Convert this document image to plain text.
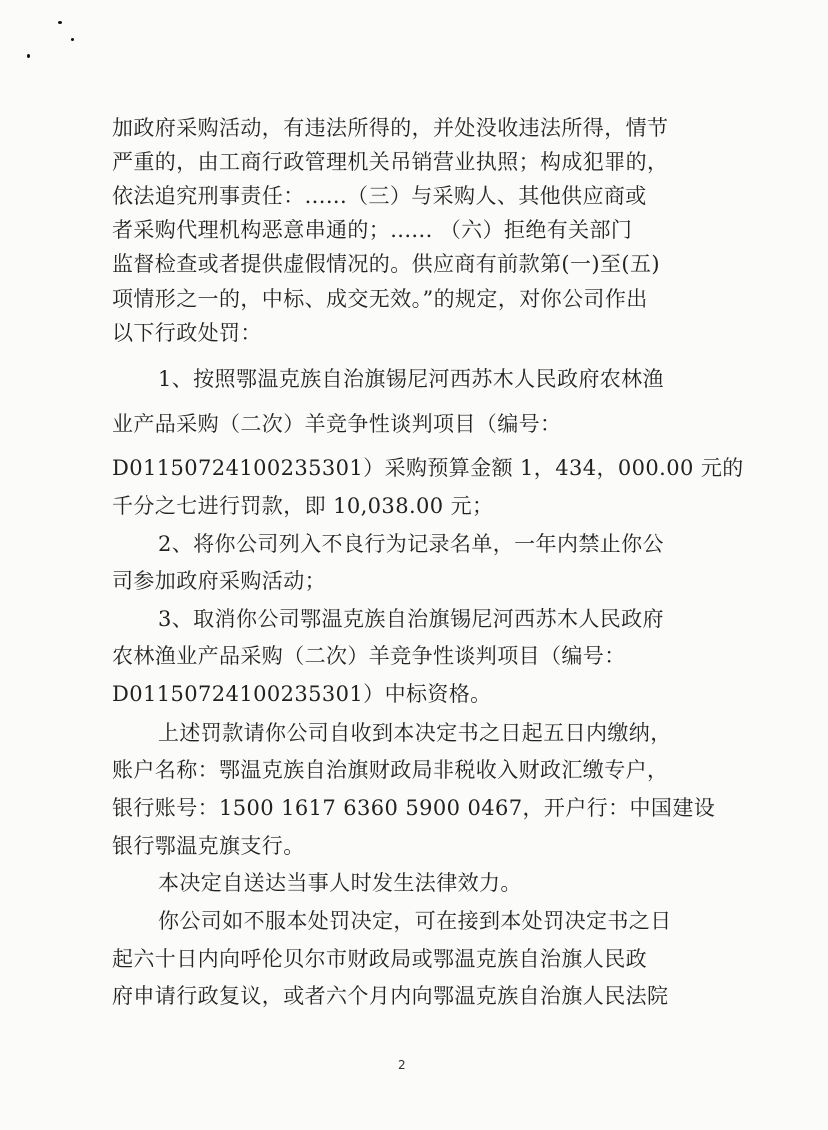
加政府采购活动，有违法所得的，并处没收违法所得，情节
严重的，由工商行政管理机关吊销营业执照；构成犯罪的，
依法追究刑事责任：......（三）与采购人、其他供应商或
者采购代理机构恶意串通的；...... （六）拒绝有关部门
监督检查或者提供虚假情况的。供应商有前款第(一)至(五)
项情形之一的，中标、成交无效。”的规定，对你公司作出
以下行政处罚：
1、按照鄂温克族自治旗锡尼河西苏木人民政府农林渔
业产品采购（二次）羊竞争性谈判项目（编号：
D01150724100235301）采购预算金额 1，434，000.00 元的
千分之七进行罚款，即 10,038.00 元；
2、将你公司列入不良行为记录名单，一年内禁止你公
司参加政府采购活动；
3、取消你公司鄂温克族自治旗锡尼河西苏木人民政府
农林渔业产品采购（二次）羊竞争性谈判项目（编号：
D01150724100235301）中标资格。
上述罚款请你公司自收到本决定书之日起五日内缴纳，
账户名称：鄂温克族自治旗财政局非税收入财政汇缴专户，
银行账号：1500 1617 6360 5900 0467，开户行：中国建设
银行鄂温克旗支行。
本决定自送达当事人时发生法律效力。
你公司如不服本处罚决定，可在接到本处罚决定书之日
起六十日内向呼伦贝尔市财政局或鄂温克族自治旗人民政
府申请行政复议，或者六个月内向鄂温克族自治旗人民法院
2
